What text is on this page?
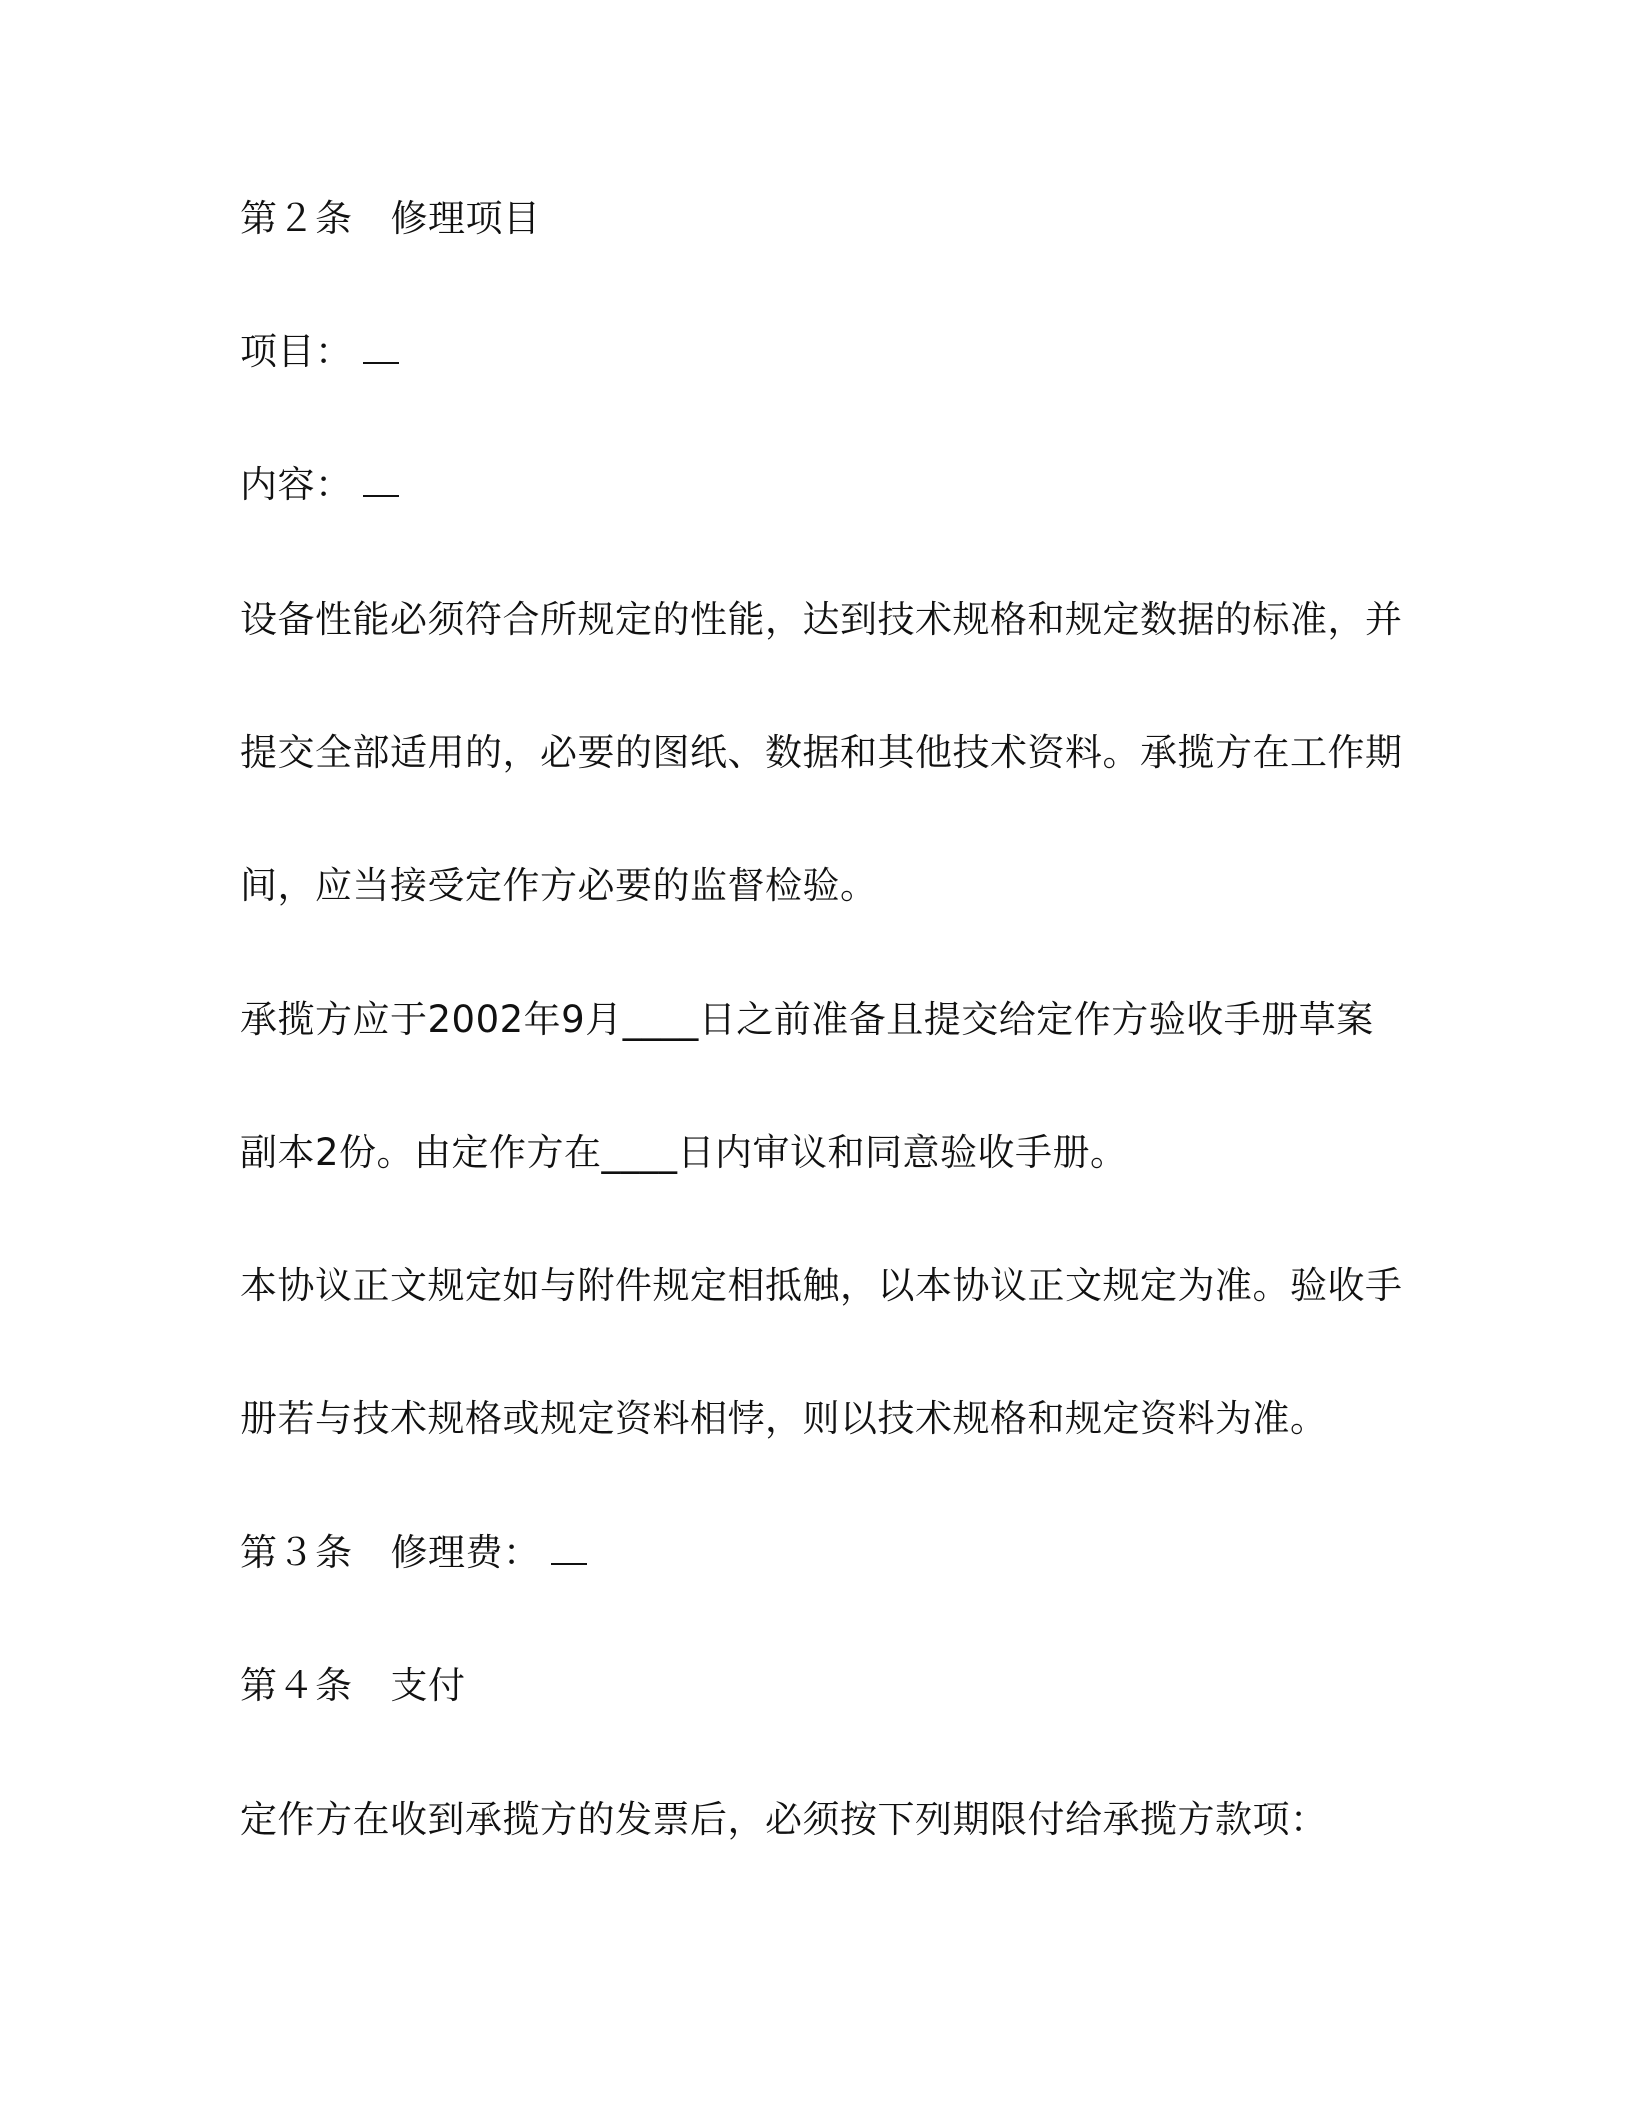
第２条 修理项目
项目：
内容：
设备性能必须符合所规定的性能，达到技术规格和规定数据的标准，并
提交全部适用的，必要的图纸、数据和其他技术资料。承揽方在工作期
间，应当接受定作方必要的监督检验。
承揽方应于2002年9月____日之前准备且提交给定作方验收手册草案
副本2份。由定作方在____日内审议和同意验收手册。
本协议正文规定如与附件规定相抵触，以本协议正文规定为准。验收手
册若与技术规格或规定资料相悖，则以技术规格和规定资料为准。
第３条 修理费：
第４条 支付
定作方在收到承揽方的发票后，必须按下列期限付给承揽方款项：
